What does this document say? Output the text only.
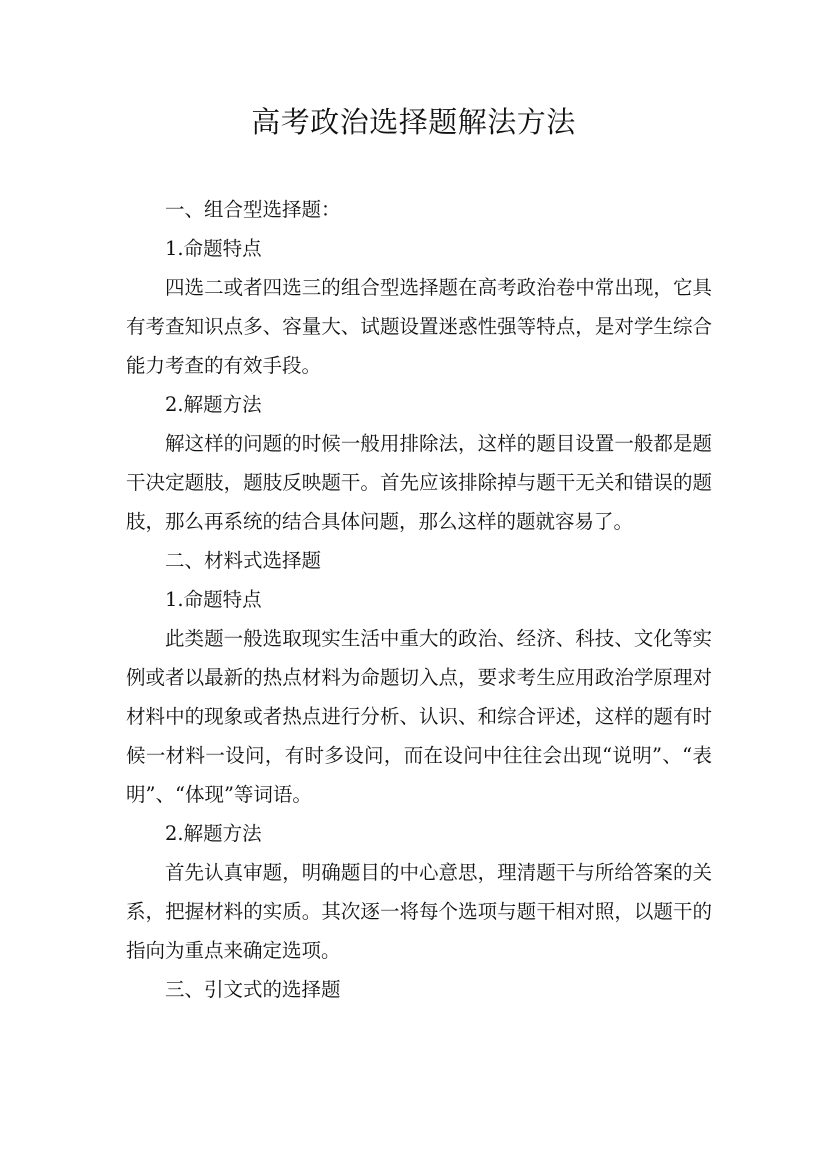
高考政治选择题解法方法

一、组合型选择题：

1.命题特点

四选二或者四选三的组合型选择题在高考政治卷中常出现，它具有考查知识点多、容量大、试题设置迷惑性强等特点，是对学生综合能力考查的有效手段。

2.解题方法

解这样的问题的时候一般用排除法，这样的题目设置一般都是题干决定题肢，题肢反映题干。首先应该排除掉与题干无关和错误的题肢，那么再系统的结合具体问题，那么这样的题就容易了。

二、材料式选择题

1.命题特点

此类题一般选取现实生活中重大的政治、经济、科技、文化等实例或者以最新的热点材料为命题切入点，要求考生应用政治学原理对材料中的现象或者热点进行分析、认识、和综合评述，这样的题有时候一材料一设问，有时多设问，而在设问中往往会出现“说明”、“表明”、“体现”等词语。

2.解题方法

首先认真审题，明确题目的中心意思，理清题干与所给答案的关系，把握材料的实质。其次逐一将每个选项与题干相对照，以题干的指向为重点来确定选项。

三、引文式的选择题
